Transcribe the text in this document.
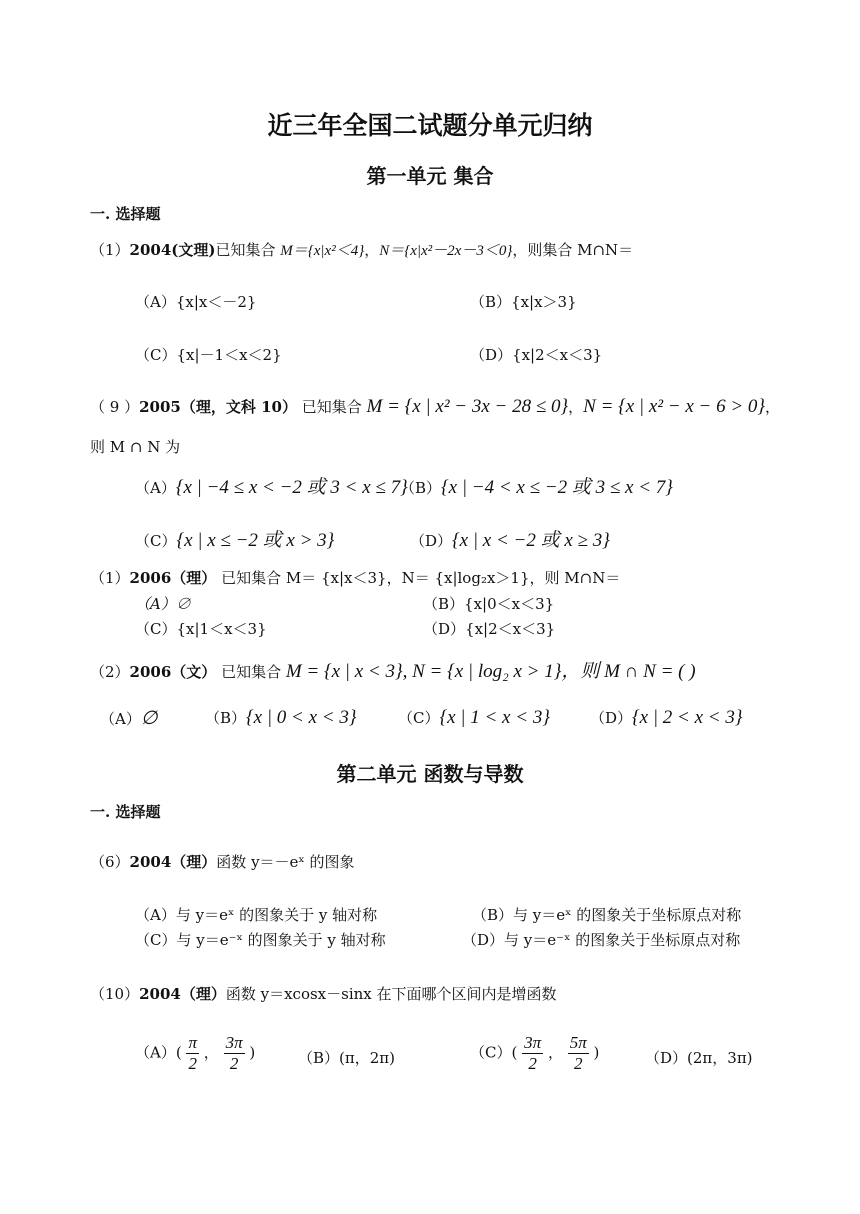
近三年全国二试题分单元归纳
第一单元 集合
一. 选择题
（1）2004(文理)已知集合 M＝{x|x²＜4}，N＝{x|x²－2x－3＜0}，则集合 M∩N＝
（A）{x|x＜－2}	（B）{x|x＞3}
（C）{x|－1＜x＜2}	（D）{x|2＜x＜3}
（ 9 ）2005（理，文科 10） 已知集合 M = {x | x² − 3x − 28 ≤ 0}，N = {x | x² − x − 6 > 0}，
则 M ∩ N 为
（A）{x | −4 ≤ x < −2 或 3 < x ≤ 7}
（B）{x | −4 < x ≤ −2 或 3 ≤ x < 7}
（C）{x | x ≤ −2 或 x > 3}	（D）{x | x < −2 或 x ≥ 3}
（1）2006（理） 已知集合 M＝ {x|x＜3}，N＝ {x|log₂x＞1}，则 M∩N＝
（A）∅	（B）{x|0＜x＜3}
（C）{x|1＜x＜3}	（D）{x|2＜x＜3}
（2）2006（文） 已知集合 M = {x | x < 3}, N = {x | log₂ x > 1}，则 M ∩ N = ( )
（A）∅	（B）{x | 0 < x < 3}	（C）{x | 1 < x < 3}	（D）{x | 2 < x < 3}
第二单元 函数与导数
一. 选择题
（6）2004（理）函数 y＝－eˣ 的图象
（A）与 y＝eˣ 的图象关于 y 轴对称	（B）与 y＝eˣ 的图象关于坐标原点对称
（C）与 y＝e⁻ˣ 的图象关于 y 轴对称	（D）与 y＝e⁻ˣ 的图象关于坐标原点对称
（10）2004（理）函数 y＝xcosx－sinx 在下面哪个区间内是增函数
$(A)( \frac{\pi}{2}$ ， $\frac{3\pi}{2}$ )	（B）(π，2π)	$(C)( \frac{3\pi}{2}$ ， $\frac{5\pi}{2}$ )	（D）(2π，3π)
